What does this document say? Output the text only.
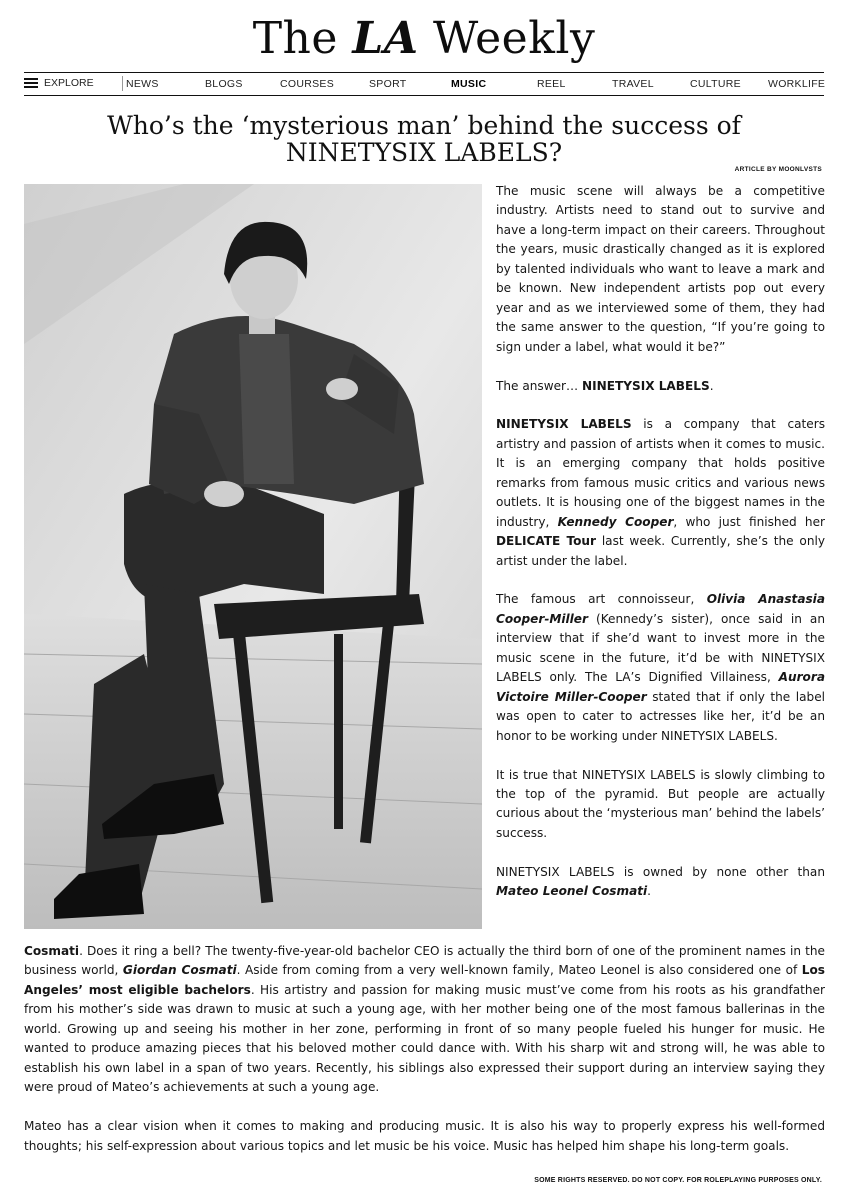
The LA Weekly
EXPLORE	NEWS	BLOGS	COURSES	SPORT	MUSIC	REEL	TRAVEL	CULTURE	WORKLIFE
Who’s the ‘mysterious man’ behind the success of
NINETYSIX LABELS?
ARTICLE BY MOONLVSTS

The music scene will always be a competitive industry. Artists need to stand out to survive and have a long-term impact on their careers. Throughout the years, music drastically changed as it is explored by talented individuals who want to leave a mark and be known. New independent artists pop out every year and as we interviewed some of them, they had the same answer to the question, “If you’re going to sign under a label, what would it be?”

The answer… NINETYSIX LABELS.

NINETYSIX LABELS is a company that caters artistry and passion of artists when it comes to music. It is an emerging company that holds positive remarks from famous music critics and various news outlets. It is housing one of the biggest names in the industry, Kennedy Cooper, who just finished her DELICATE Tour last week. Currently, she’s the only artist under the label.

The famous art connoisseur, Olivia Anastasia Cooper-Miller (Kennedy’s sister), once said in an interview that if she’d want to invest more in the music scene in the future, it’d be with NINETYSIX LABELS only. The LA’s Dignified Villainess, Aurora Victoire Miller-Cooper stated that if only the label was open to cater to actresses like her, it’d be an honor to be working under NINETYSIX LABELS.

It is true that NINETYSIX LABELS is slowly climbing to the top of the pyramid. But people are actually curious about the ‘mysterious man’ behind the labels’ success.

NINETYSIX LABELS is owned by none other than Mateo Leonel Cosmati.

Cosmati. Does it ring a bell? The twenty-five-year-old bachelor CEO is actually the third born of one of the prominent names in the business world, Giordan Cosmati. Aside from coming from a very well-known family, Mateo Leonel is also considered one of Los Angeles’ most eligible bachelors. His artistry and passion for making music must’ve come from his roots as his grandfather from his mother’s side was drawn to music at such a young age, with her mother being one of the most famous ballerinas in the world. Growing up and seeing his mother in her zone, performing in front of so many people fueled his hunger for music. He wanted to produce amazing pieces that his beloved mother could dance with. With his sharp wit and strong will, he was able to establish his own label in a span of two years. Recently, his siblings also expressed their support during an interview saying they were proud of Mateo’s achievements at such a young age.

Mateo has a clear vision when it comes to making and producing music. It is also his way to properly express his well-formed thoughts; his self-expression about various topics and let music be his voice. Music has helped him shape his long-term goals.

SOME RIGHTS RESERVED. DO NOT COPY. FOR ROLEPLAYING PURPOSES ONLY.
